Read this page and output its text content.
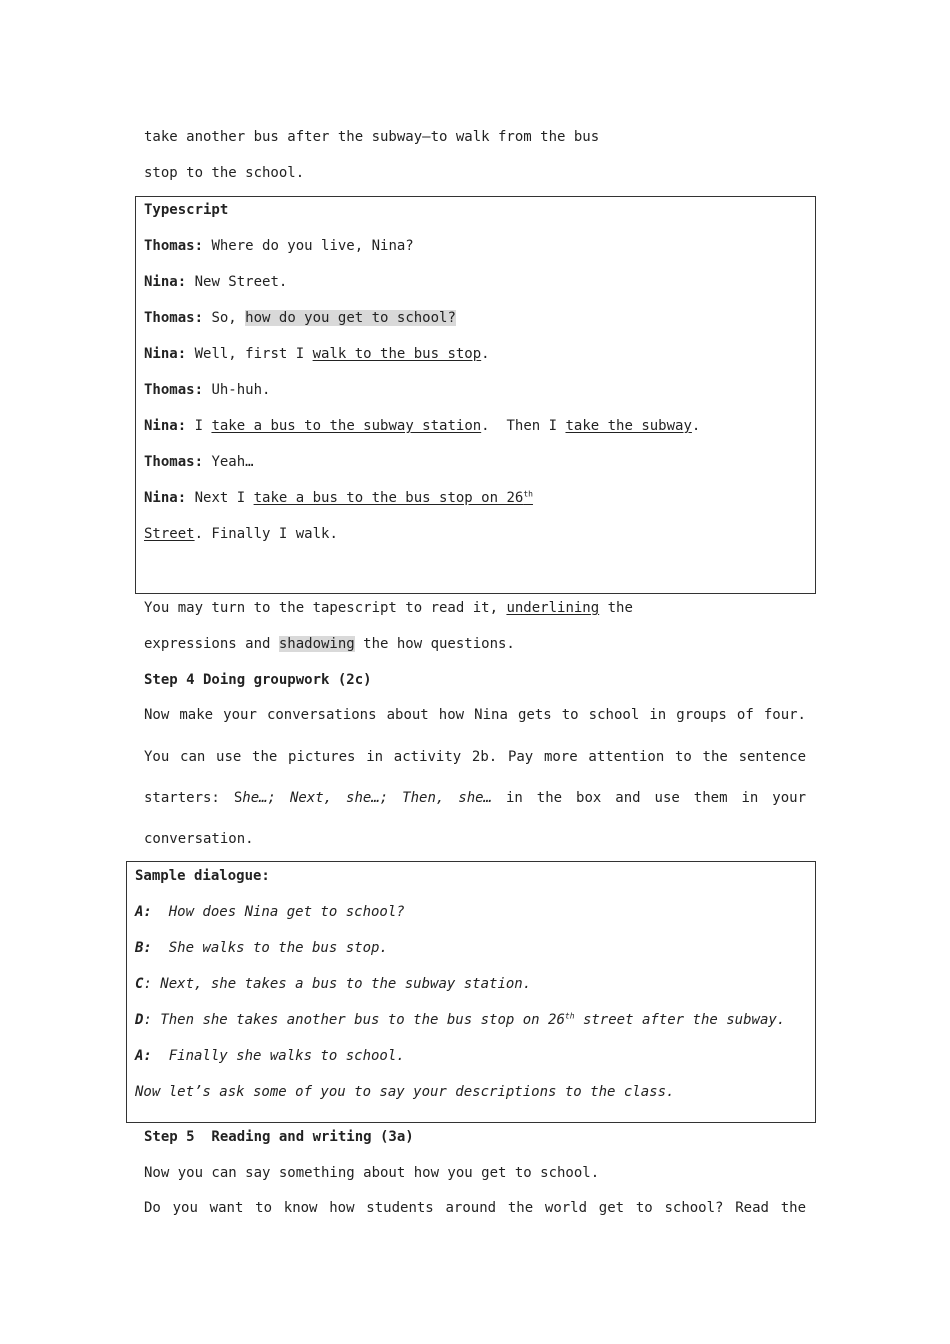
take another bus after the subway—to walk from the bus
stop to the school.
Typescript
Thomas: Where do you live, Nina?
Nina: New Street.
Thomas: So, how do you get to school?
Nina: Well, first I walk to the bus stop.
Thomas: Uh-huh.
Nina: I take a bus to the subway station.  Then I take the subway.
Thomas: Yeah…
Nina: Next I take a bus to the bus stop on 26th
Street. Finally I walk.
You may turn to the tapescript to read it, underlining the
expressions and shadowing the how questions.
Step 4 Doing groupwork (2c)
Now make your conversations about how Nina gets to school in groups of four.
You can use the pictures in activity 2b. Pay more attention to the sentence
starters: She…; Next, she…; Then, she… in the box and use them in your
conversation.
Sample dialogue:
A:  How does Nina get to school?
B:  She walks to the bus stop.
C: Next, she takes a bus to the subway station.
D: Then she takes another bus to the bus stop on 26th street after the subway.
A:  Finally she walks to school.
Now let’s ask some of you to say your descriptions to the class.
Step 5  Reading and writing (3a)
Now you can say something about how you get to school.
Do you want to know how students around the world get to school? Read the
